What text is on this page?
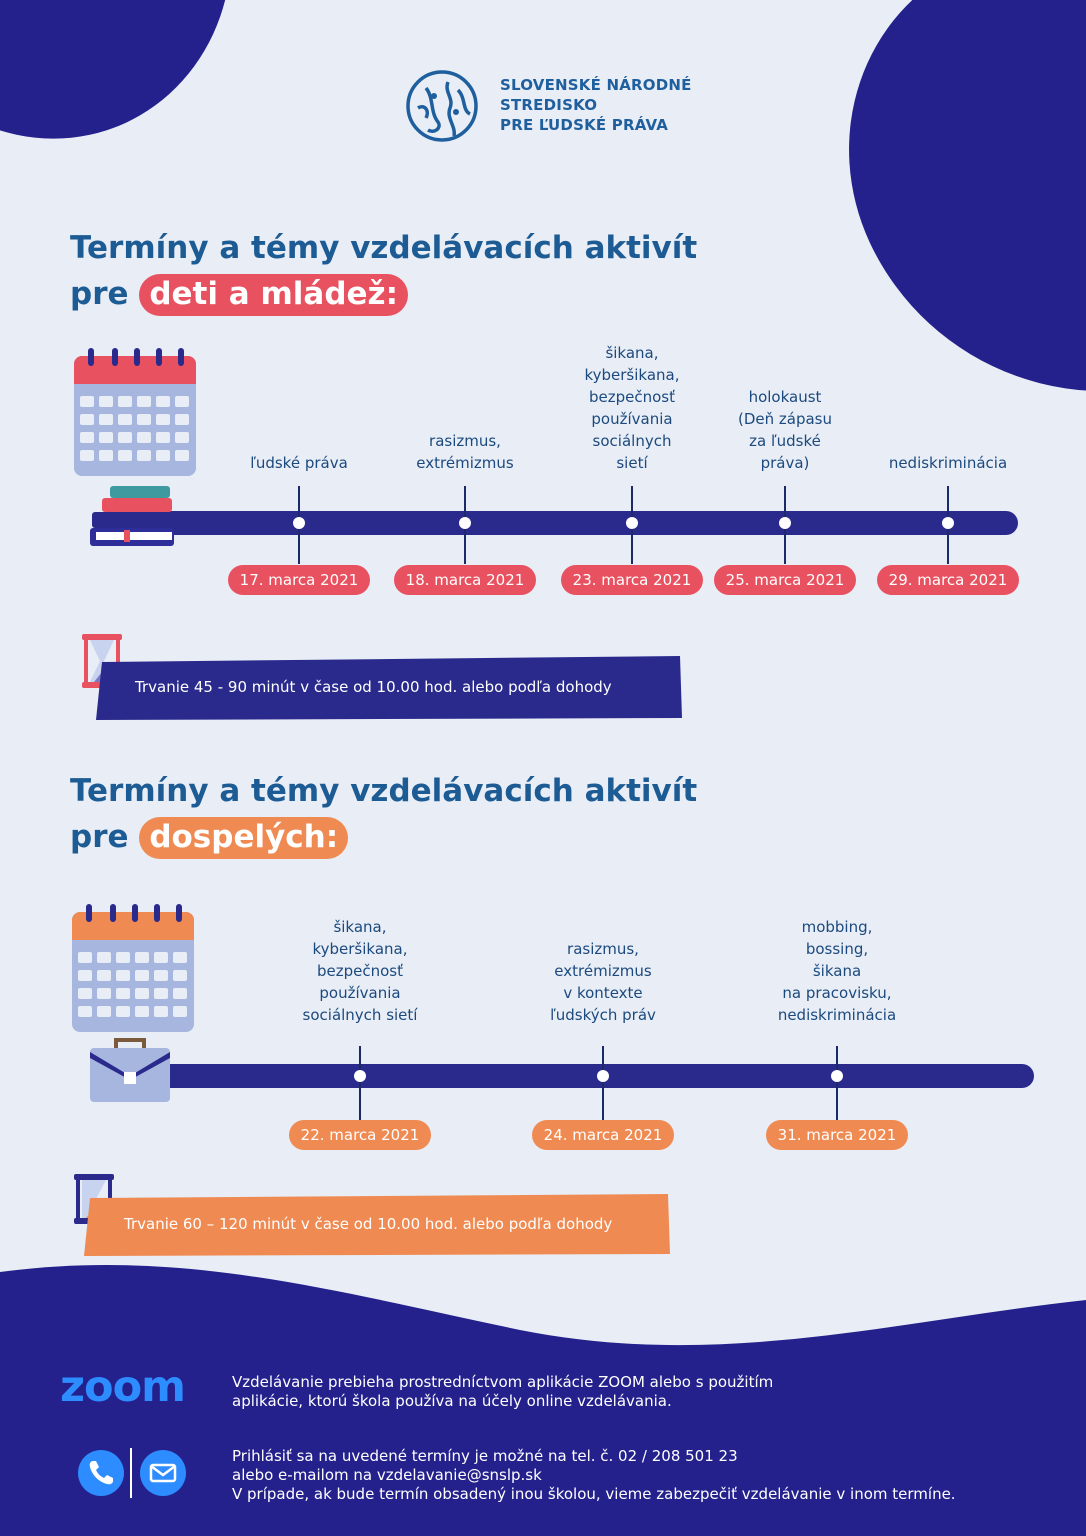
SLOVENSKÉ NÁRODNÉ
STREDISKO
PRE ĽUDSKÉ PRÁVA
Termíny a témy vzdelávacích aktivít
pre deti a mládež:
ľudské práva
17. marca 2021
rasizmus,
extrémizmus
18. marca 2021
šikana,
kyberšikana,
bezpečnosť
používania
sociálnych
sietí
23. marca 2021
holokaust
(Deň zápasu
za ľudské
práva)
25. marca 2021
nediskriminácia
29. marca 2021
Trvanie 45 - 90 minút v čase od 10.00 hod. alebo podľa dohody
Termíny a témy vzdelávacích aktivít
pre dospelých:
šikana,
kyberšikana,
bezpečnosť
používania
sociálnych sietí
22. marca 2021
rasizmus,
extrémizmus
v kontexte
ľudských práv
24. marca 2021
mobbing,
bossing,
šikana
na pracovisku,
nediskriminácia
31. marca 2021
Trvanie 60 – 120 minút v čase od 10.00 hod. alebo podľa dohody
zoom	Vzdelávanie prebieha prostredníctvom aplikácie ZOOM alebo s použitím
aplikácie, ktorú škola používa na účely online vzdelávania.
Prihlásiť sa na uvedené termíny je možné na tel. č. 02 / 208 501 23
alebo e-mailom na vzdelavanie@snslp.sk
V prípade, ak bude termín obsadený inou školou, vieme zabezpečiť vzdelávanie v inom termíne.
